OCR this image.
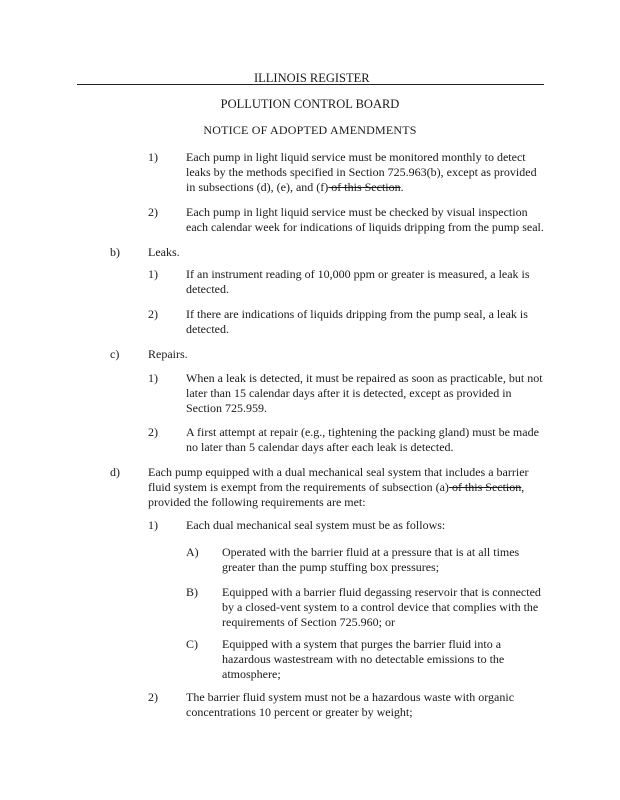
ILLINOIS REGISTER
POLLUTION CONTROL BOARD
NOTICE OF ADOPTED AMENDMENTS
1) Each pump in light liquid service must be monitored monthly to detect
leaks by the methods specified in Section 725.963(b), except as provided
in subsections (d), (e), and (f) of this Section.
2) Each pump in light liquid service must be checked by visual inspection
each calendar week for indications of liquids dripping from the pump seal.
b) Leaks.
1) If an instrument reading of 10,000 ppm or greater is measured, a leak is
detected.
2) If there are indications of liquids dripping from the pump seal, a leak is
detected.
c) Repairs.
1) When a leak is detected, it must be repaired as soon as practicable, but not
later than 15 calendar days after it is detected, except as provided in
Section 725.959.
2) A first attempt at repair (e.g., tightening the packing gland) must be made
no later than 5 calendar days after each leak is detected.
d) Each pump equipped with a dual mechanical seal system that includes a barrier
fluid system is exempt from the requirements of subsection (a) of this Section,
provided the following requirements are met:
1) Each dual mechanical seal system must be as follows:
A) Operated with the barrier fluid at a pressure that is at all times
greater than the pump stuffing box pressures;
B) Equipped with a barrier fluid degassing reservoir that is connected
by a closed-vent system to a control device that complies with the
requirements of Section 725.960; or
C) Equipped with a system that purges the barrier fluid into a
hazardous wastestream with no detectable emissions to the
atmosphere;
2) The barrier fluid system must not be a hazardous waste with organic
concentrations 10 percent or greater by weight;
